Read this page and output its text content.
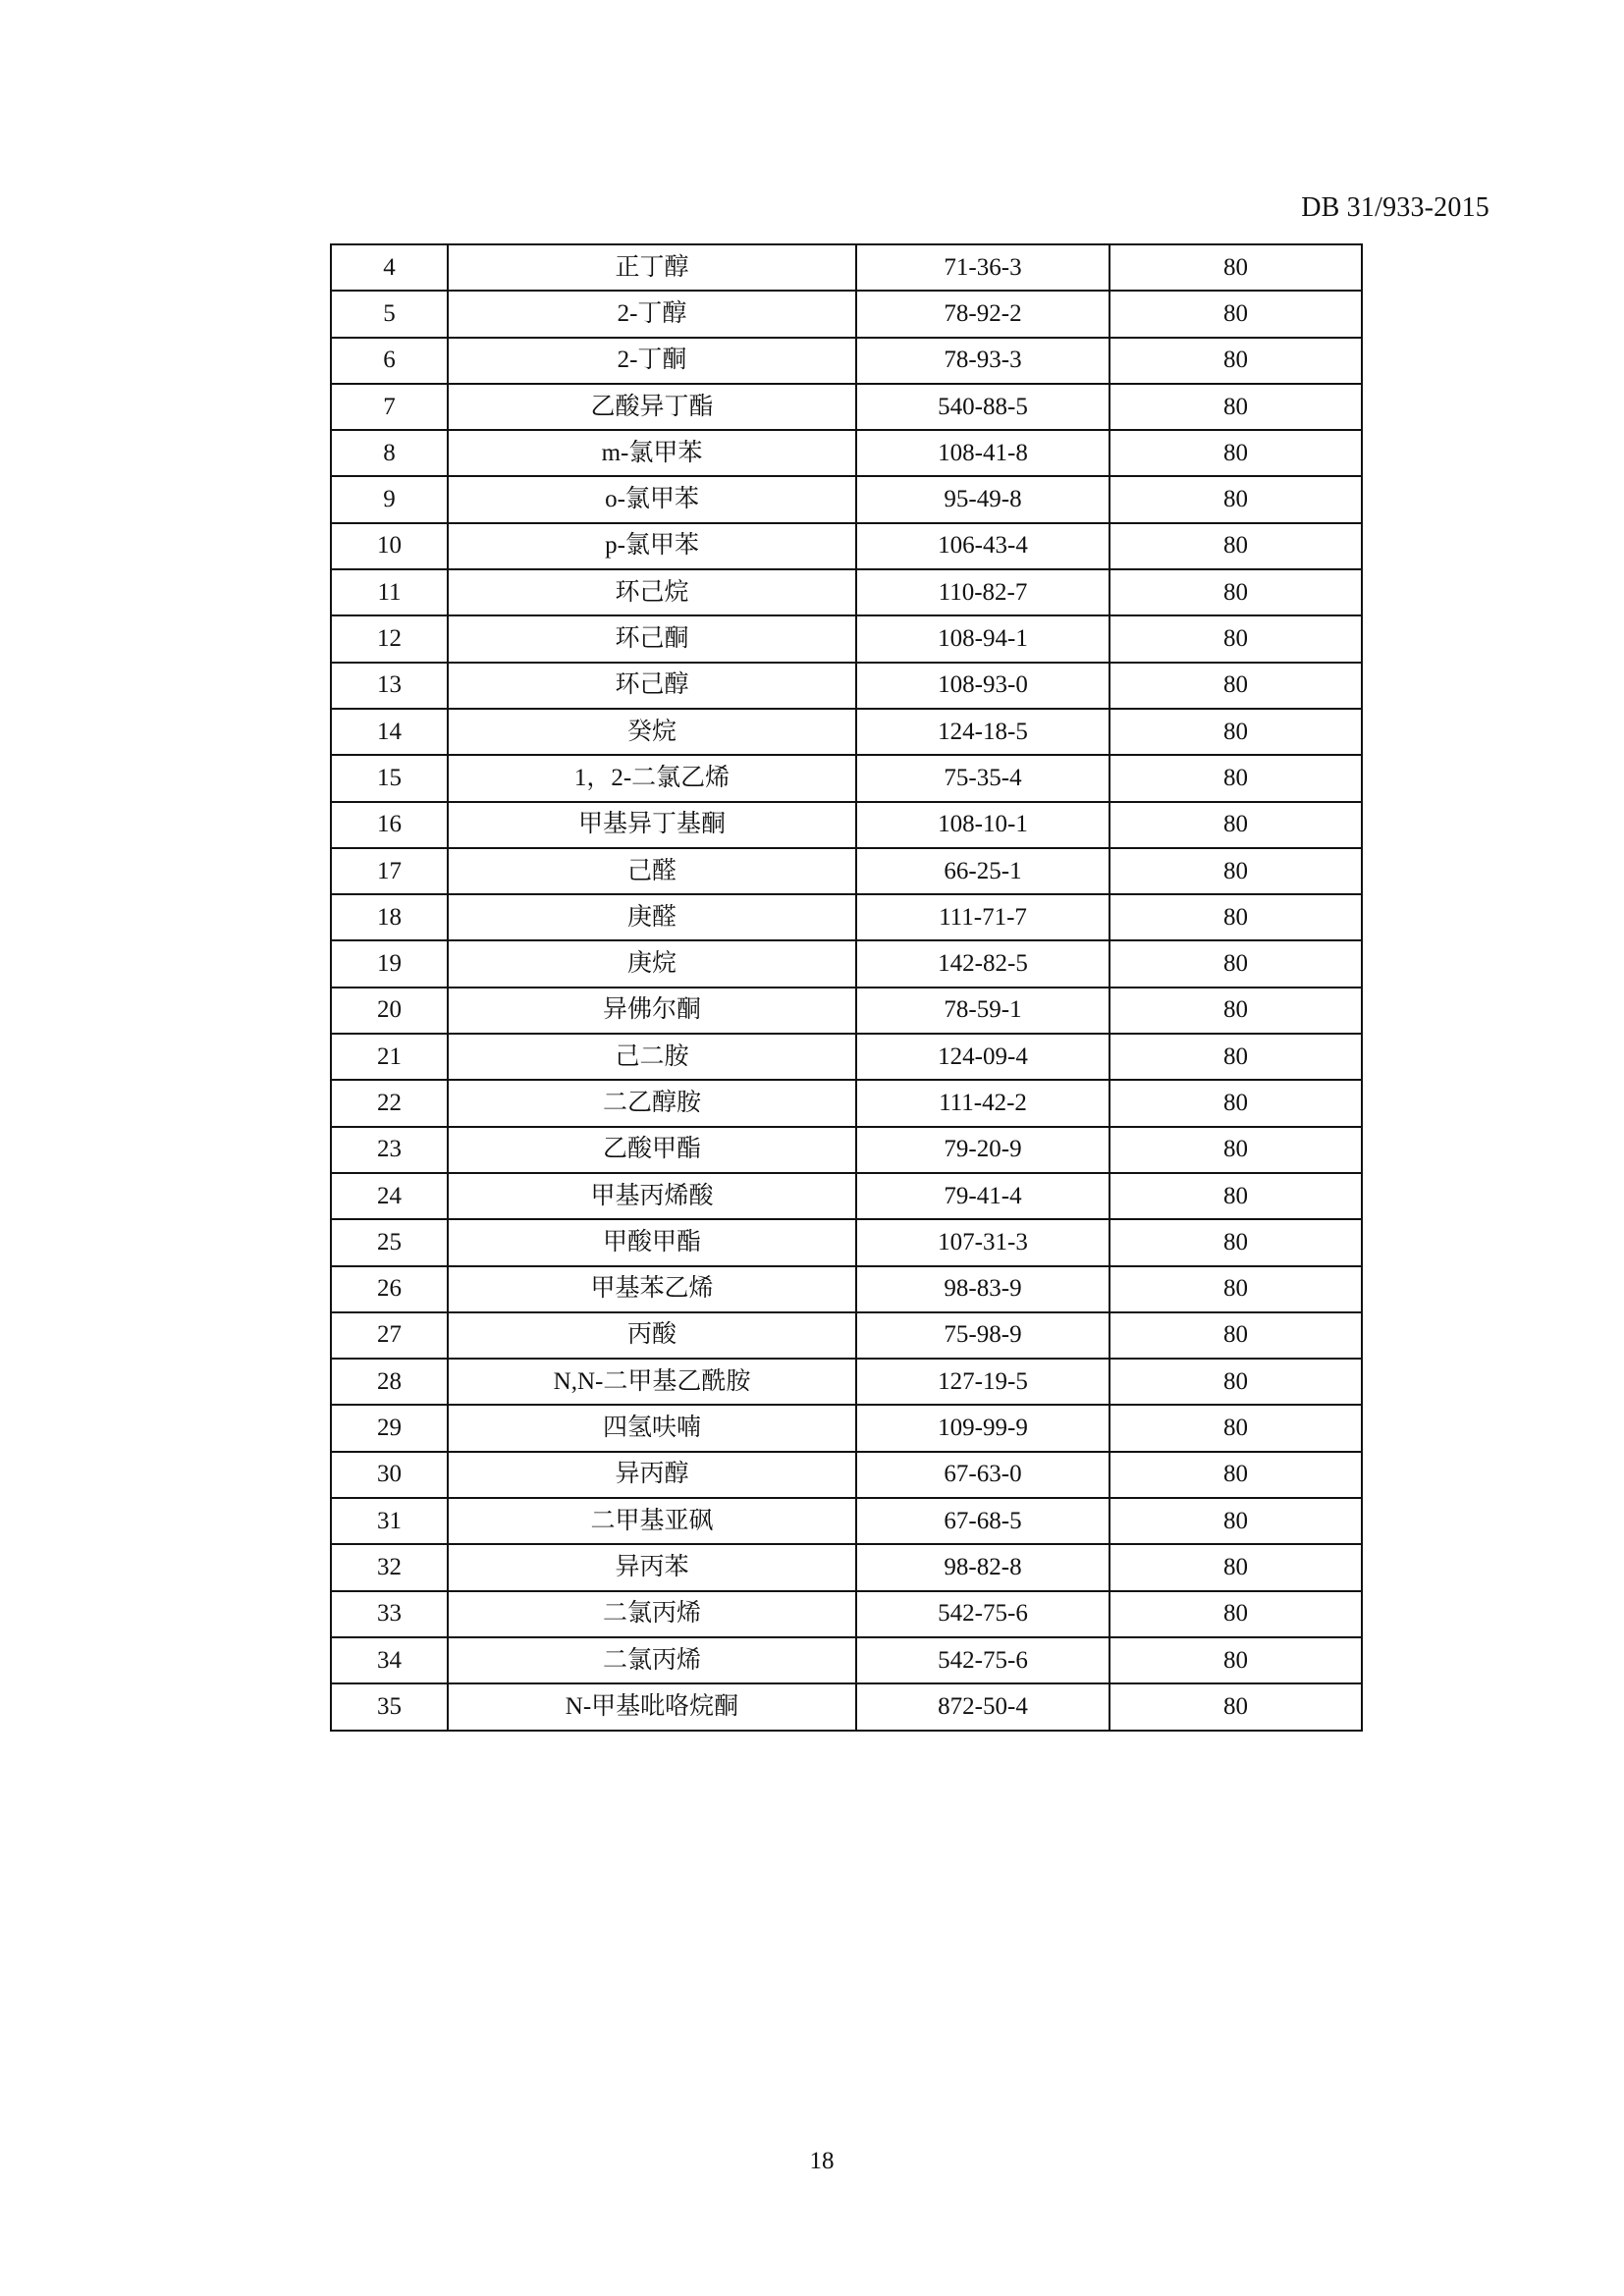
DB 31/933-2015
4	正丁醇	71-36-3	80
5	2-丁醇	78-92-2	80
6	2-丁酮	78-93-3	80
7	乙酸异丁酯	540-88-5	80
8	m-氯甲苯	108-41-8	80
9	o-氯甲苯	95-49-8	80
10	p-氯甲苯	106-43-4	80
11	环己烷	110-82-7	80
12	环己酮	108-94-1	80
13	环己醇	108-93-0	80
14	癸烷	124-18-5	80
15	1，2-二氯乙烯	75-35-4	80
16	甲基异丁基酮	108-10-1	80
17	己醛	66-25-1	80
18	庚醛	111-71-7	80
19	庚烷	142-82-5	80
20	异佛尔酮	78-59-1	80
21	己二胺	124-09-4	80
22	二乙醇胺	111-42-2	80
23	乙酸甲酯	79-20-9	80
24	甲基丙烯酸	79-41-4	80
25	甲酸甲酯	107-31-3	80
26	甲基苯乙烯	98-83-9	80
27	丙酸	75-98-9	80
28	N,N-二甲基乙酰胺	127-19-5	80
29	四氢呋喃	109-99-9	80
30	异丙醇	67-63-0	80
31	二甲基亚砜	67-68-5	80
32	异丙苯	98-82-8	80
33	二氯丙烯	542-75-6	80
34	二氯丙烯	542-75-6	80
35	N-甲基吡咯烷酮	872-50-4	80
18
